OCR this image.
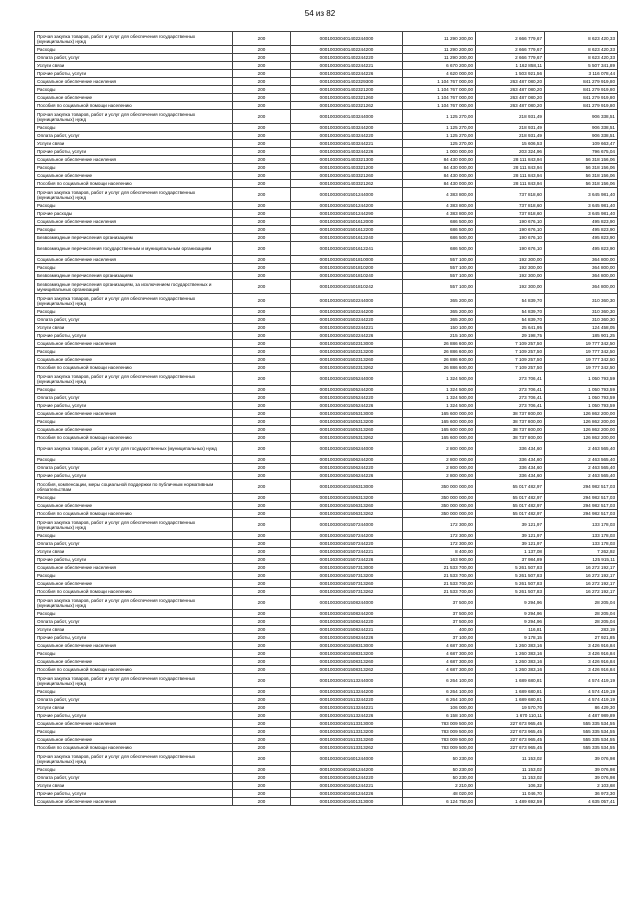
54 из 82
Прочая закупка товаров, работ и услуг для обеспечения государственных (муниципальных) нужд	200	000100300401402244000	11 290 200,00	2 666 779,67	8 623 420,33
Расходы	200	000100300401402244200	11 290 200,00	2 666 779,67	8 623 420,33
Оплата работ, услуг	200	000100300401402244220	11 290 200,00	2 666 779,67	8 623 420,33
Услуги связи	200	000100300401402244221	6 670 200,00	1 162 858,11	5 507 341,89
Прочие работы, услуги	200	000100300401402244226	4 620 000,00	1 503 921,56	3 116 078,44
Социальное обеспечение населения	200	000100300401402329300	1 104 767 000,00	263 487 080,20	841 279 919,80
Расходы	200	000100300401402321200	1 104 767 000,00	263 487 080,20	841 279 919,80
Социальное обеспечение	200	000100300401402321260	1 104 767 000,00	263 487 080,20	841 279 919,80
Пособия по социальной помощи населению	200	000100300401402321262	1 104 767 000,00	263 487 080,20	841 279 919,80
Прочая закупка товаров, работ и услуг для обеспечения государственных (муниципальных) нужд	200	000100300401403244000	1 125 270,00	218 931,49	906 338,51
Расходы	200	000100300401403244200	1 125 270,00	218 931,49	906 338,51
Оплата работ, услуг	200	000100300401403244220	1 125 270,00	218 931,49	906 338,51
Услуги связи	200	000100300401403244221	125 270,00	15 606,53	109 663,47
Прочие работы, услуги	200	000100300401403244226	1 000 000,00	203 324,96	796 675,04
Социальное обеспечение населения	200	000100300401403321300	84 430 000,00	28 111 843,94	56 318 156,06
Расходы	200	000100300401403321200	84 430 000,00	28 111 843,94	56 318 156,06
Социальное обеспечение	200	000100300401403321260	84 430 000,00	28 111 843,94	56 318 156,06
Пособия по социальной помощи населению	200	000100300401403321262	84 430 000,00	28 111 843,94	56 318 156,06
Прочая закупка товаров, работ и услуг для обеспечения государственных (муниципальных) нужд	200	000100300401501244000	4 383 800,00	737 818,60	3 645 981,40
Расходы	200	000100300401501244200	4 383 800,00	737 818,60	3 645 981,40
Прочие расходы	200	000100300401501244290	4 383 800,00	737 818,60	3 645 981,40
Социальное обеспечение населения	200	000100300401501612000	686 500,00	190 676,10	495 823,90
Расходы	200	000100300401501612200	686 500,00	190 676,10	495 823,90
Безвозмездные перечисления организациям	200	000100300401501612240	686 500,00	190 676,10	495 823,90
Безвозмездные перечисления государственным и муниципальным организациям	200	000100300401501612241	686 500,00	190 676,10	495 823,90
Социальное обеспечение населения	200	000100300401501810000	557 100,00	192 300,00	364 800,00
Расходы	200	000100300401501810200	557 100,00	192 300,00	364 800,00
Безвозмездные перечисления организациям	200	000100300401501810240	557 100,00	192 300,00	364 800,00
Безвозмездные перечисления организациям, за исключением государственных и муниципальных организаций	200	000100300401501810242	557 100,00	192 300,00	364 800,00
Прочая закупка товаров, работ и услуг для обеспечения государственных (муниципальных) нужд	200	000100300401502244000	365 200,00	54 839,70	310 360,30
Расходы	200	000100300401502244200	365 200,00	54 839,70	310 360,30
Оплата работ, услуг	200	000100300401502244220	365 200,00	54 839,70	310 360,30
Услуги связи	200	000100300401502244221	150 100,00	25 641,95	124 458,05
Прочие работы, услуги	200	000100300401502244226	215 100,00	29 198,75	185 901,25
Социальное обеспечение населения	200	000100300401502313000	26 886 600,00	7 109 257,50	19 777 342,50
Расходы	200	000100300401502313200	26 886 600,00	7 109 257,50	19 777 342,50
Социальное обеспечение	200	000100300401502313260	26 886 600,00	7 109 257,50	19 777 342,50
Пособия по социальной помощи населению	200	000100300401502313262	26 886 600,00	7 109 257,50	19 777 342,50
Прочая закупка товаров, работ и услуг для обеспечения государственных (муниципальных) нужд	200	000100300401505244000	1 324 500,00	273 706,41	1 050 793,59
Расходы	200	000100300401505244200	1 324 500,00	273 706,41	1 050 793,59
Оплата работ, услуг	200	000100300401505244220	1 324 500,00	273 706,41	1 050 793,59
Прочие работы, услуги	200	000100300401505244226	1 324 500,00	273 706,41	1 050 793,59
Социальное обеспечение населения	200	000100300401505313000	165 600 000,00	38 737 800,00	126 862 200,00
Расходы	200	000100300401505313200	165 600 000,00	38 737 800,00	126 862 200,00
Социальное обеспечение	200	000100300401505313260	165 600 000,00	38 737 800,00	126 862 200,00
Пособия по социальной помощи населению	200	000100300401505313262	165 600 000,00	38 737 800,00	126 862 200,00
Прочая закупка товаров, работ и услуг для государственных (муниципальных) нужд	200	000100300401506244000	2 800 000,00	336 434,60	2 463 565,40
Расходы	200	000100300401506244200	2 800 000,00	336 434,60	2 463 565,40
Оплата работ, услуг	200	000100300401506244220	2 800 000,00	336 434,60	2 463 565,40
Прочие работы, услуги	200	000100300401506244226	2 800 000,00	336 434,60	2 463 565,40
Пособия, компенсации, меры социальной поддержки по публичным нормативным обязательствам	200	000100300401506313000	350 000 000,00	55 017 482,97	294 982 517,03
Расходы	200	000100300401506313200	350 000 000,00	55 017 482,97	294 982 517,03
Социальное обеспечение	200	000100300401506313260	350 000 000,00	55 017 482,97	294 982 517,03
Пособия по социальной помощи населению	200	000100300401506313262	350 000 000,00	55 017 482,97	294 982 517,03
Прочая закупка товаров, работ и услуг для обеспечения государственных (муниципальных) нужд	200	000100300401507244000	172 300,00	39 121,97	133 178,03
Расходы	200	000100300401507244200	172 300,00	39 121,97	133 178,03
Оплата работ, услуг	200	000100300401507244220	172 300,00	39 121,97	133 178,03
Услуги связи	200	000100300401507244221	8 400,00	1 137,08	7 262,92
Прочие работы, услуги	200	000100300401507244226	163 900,00	37 984,89	125 915,11
Социальное обеспечение населения	200	000100300401507313000	21 533 700,00	5 261 507,83	16 272 192,17
Расходы	200	000100300401507313200	21 533 700,00	5 261 507,83	16 272 192,17
Социальное обеспечение	200	000100300401507313260	21 533 700,00	5 261 507,83	16 272 192,17
Пособия по социальной помощи населению	200	000100300401507313262	21 533 700,00	5 261 507,83	16 272 192,17
Прочая закупка товаров, работ и услуг для обеспечения государственных (муниципальных) нужд	200	000100300401508244000	37 500,00	9 294,96	28 205,04
Расходы	200	000100300401508244200	37 500,00	9 294,96	28 205,04
Оплата работ, услуг	200	000100300401508244220	37 500,00	9 294,96	28 205,04
Услуги связи	200	000100300401508244221	400,00	116,81	283,19
Прочие работы, услуги	200	000100300401508244226	37 100,00	9 178,15	27 921,85
Социальное обеспечение населения	200	000100300401508313000	4 687 300,00	1 260 383,16	3 426 916,84
Расходы	200	000100300401508313200	4 687 300,00	1 260 383,16	3 426 916,84
Социальное обеспечение	200	000100300401508313260	4 687 300,00	1 260 383,16	3 426 916,84
Пособия по социальной помощи населению	200	000100300401508313262	4 687 300,00	1 260 383,16	3 426 916,84
Прочая закупка товаров, работ и услуг для обеспечения государственных (муниципальных) нужд	200	000100300401513244000	6 264 100,00	1 689 680,81	4 574 419,19
Расходы	200	000100300401513244200	6 264 100,00	1 689 680,81	4 574 419,19
Оплата работ, услуг	200	000100300401513244220	6 264 100,00	1 689 680,81	4 574 419,19
Услуги связи	200	000100300401513244221	106 000,00	19 570,70	86 429,30
Прочие работы, услуги	200	000100300401513244226	6 158 100,00	1 670 110,11	4 487 989,89
Социальное обеспечение населения	200	000100300401513313000	783 009 500,00	227 673 965,45	555 335 534,55
Расходы	200	000100300401513313200	783 009 500,00	227 673 965,45	555 335 534,55
Социальное обеспечение	200	000100300401513313260	783 009 500,00	227 673 965,45	555 335 534,55
Пособия по социальной помощи населению	200	000100300401513313262	783 009 500,00	227 673 965,45	555 335 534,55
Прочая закупка товаров, работ и услуг для обеспечения государственных (муниципальных) нужд	200	000100300401601244000	50 230,00	11 153,02	39 076,98
Расходы	200	000100300401601244200	50 230,00	11 153,02	39 076,98
Оплата работ, услуг	200	000100300401601244220	50 230,00	11 153,02	39 076,98
Услуги связи	200	000100300401601244221	2 210,00	106,32	2 103,68
Прочие работы, услуги	200	000100300401601244226	48 020,00	11 046,70	36 973,30
Социальное обеспечение населения	200	000100300401601313000	6 124 750,00	1 489 692,59	4 635 057,41
